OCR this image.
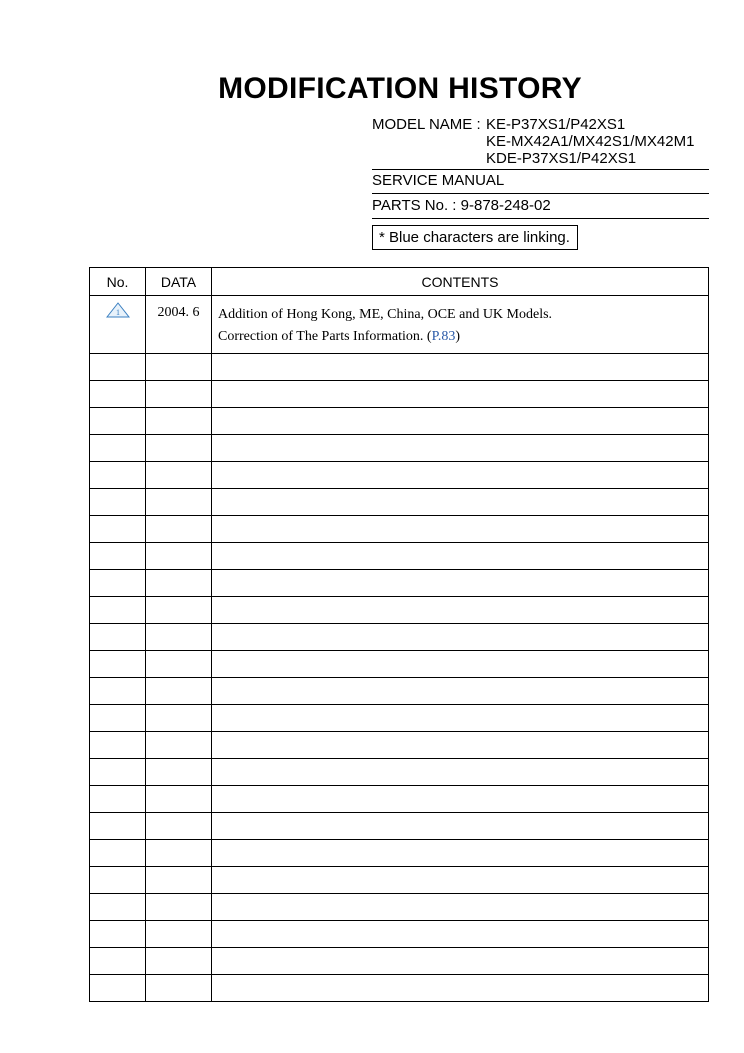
MODIFICATION HISTORY
MODEL NAME : KE-P37XS1/P42XS1
KE-MX42A1/MX42S1/MX42M1
KDE-P37XS1/P42XS1
SERVICE MANUAL
PARTS No. : 9-878-248-02
* Blue characters are linking.
No.	DATA	CONTENTS

1	2004. 6	Addition of Hong Kong, ME, China, OCE and UK Models.
Correction of The Parts Information. (P.83)
